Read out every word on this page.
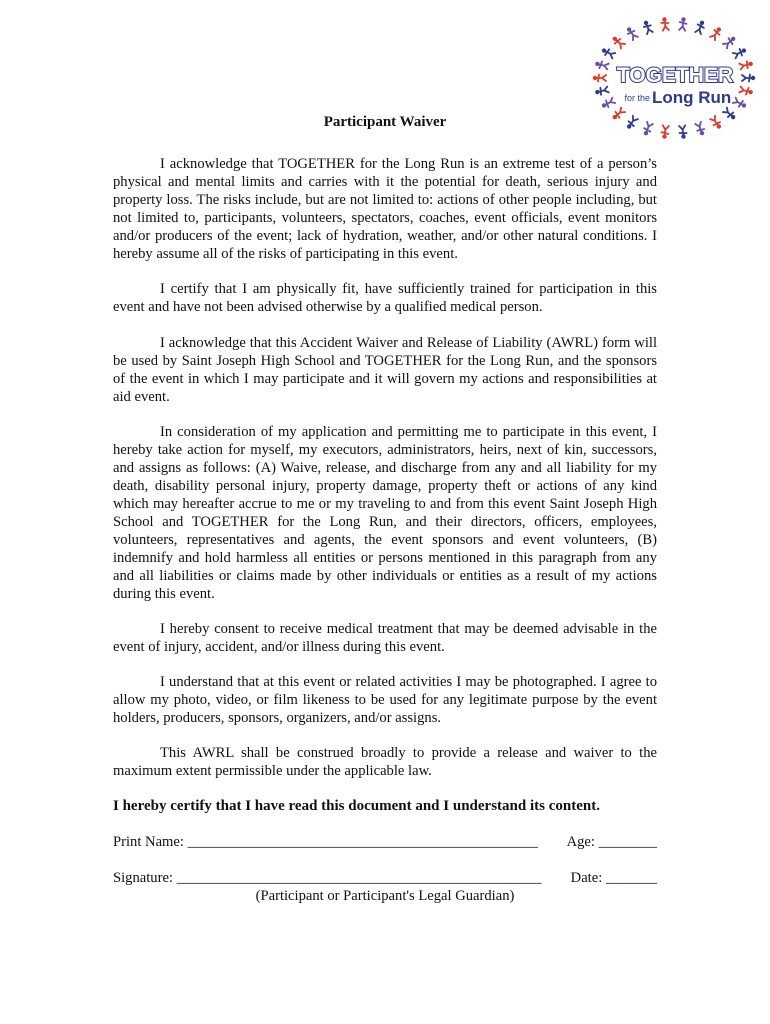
TOGETHER
for the Long Run
Participant Waiver

I acknowledge that TOGETHER for the Long Run is an extreme test of a person’s physical and mental limits and carries with it the potential for death, serious injury and property loss. The risks include, but are not limited to: actions of other people including, but not limited to, participants, volunteers, spectators, coaches, event officials, event monitors and/or producers of the event; lack of hydration, weather, and/or other natural conditions. I hereby assume all of the risks of participating in this event.

I certify that I am physically fit, have sufficiently trained for participation in this event and have not been advised otherwise by a qualified medical person.

I acknowledge that this Accident Waiver and Release of Liability (AWRL) form will be used by Saint Joseph High School and TOGETHER for the Long Run, and the sponsors of the event in which I may participate and it will govern my actions and responsibilities at aid event.

In consideration of my application and permitting me to participate in this event, I hereby take action for myself, my executors, administrators, heirs, next of kin, successors, and assigns as follows: (A) Waive, release, and discharge from any and all liability for my death, disability personal injury, property damage, property theft or actions of any kind which may hereafter accrue to me or my traveling to and from this event Saint Joseph High School and TOGETHER for the Long Run, and their directors, officers, employees, volunteers, representatives and agents, the event sponsors and event volunteers, (B) indemnify and hold harmless all entities or persons mentioned in this paragraph from any and all liabilities or claims made by other individuals or entities as a result of my actions during this event.

I hereby consent to receive medical treatment that may be deemed advisable in the event of injury, accident, and/or illness during this event.

I understand that at this event or related activities I may be photographed. I agree to allow my photo, video, or film likeness to be used for any legitimate purpose by the event holders, producers, sponsors, organizers, and/or assigns.

This AWRL shall be construed broadly to provide a release and waiver to the maximum extent permissible under the applicable law.

I hereby certify that I have read this document and I understand its content.

Print Name: ________________________________________________ Age: ________
Signature: __________________________________________________ Date: _______

(Participant or Participant's Legal Guardian)
